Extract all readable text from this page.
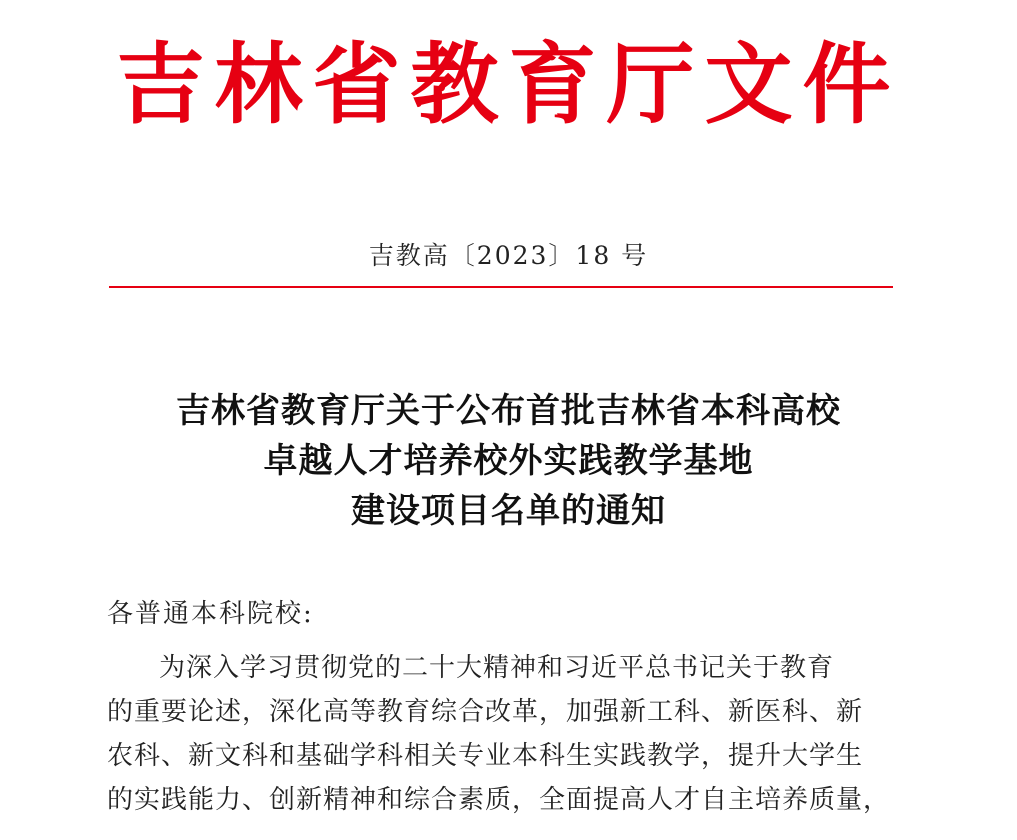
吉林省教育厅文件
吉教高〔2023〕18 号
吉林省教育厅关于公布首批吉林省本科高校
卓越人才培养校外实践教学基地
建设项目名单的通知
各普通本科院校:
为深入学习贯彻党的二十大精神和习近平总书记关于教育
的重要论述，深化高等教育综合改革，加强新工科、新医科、新
农科、新文科和基础学科相关专业本科生实践教学，提升大学生
的实践能力、创新精神和综合素质，全面提高人才自主培养质量，
